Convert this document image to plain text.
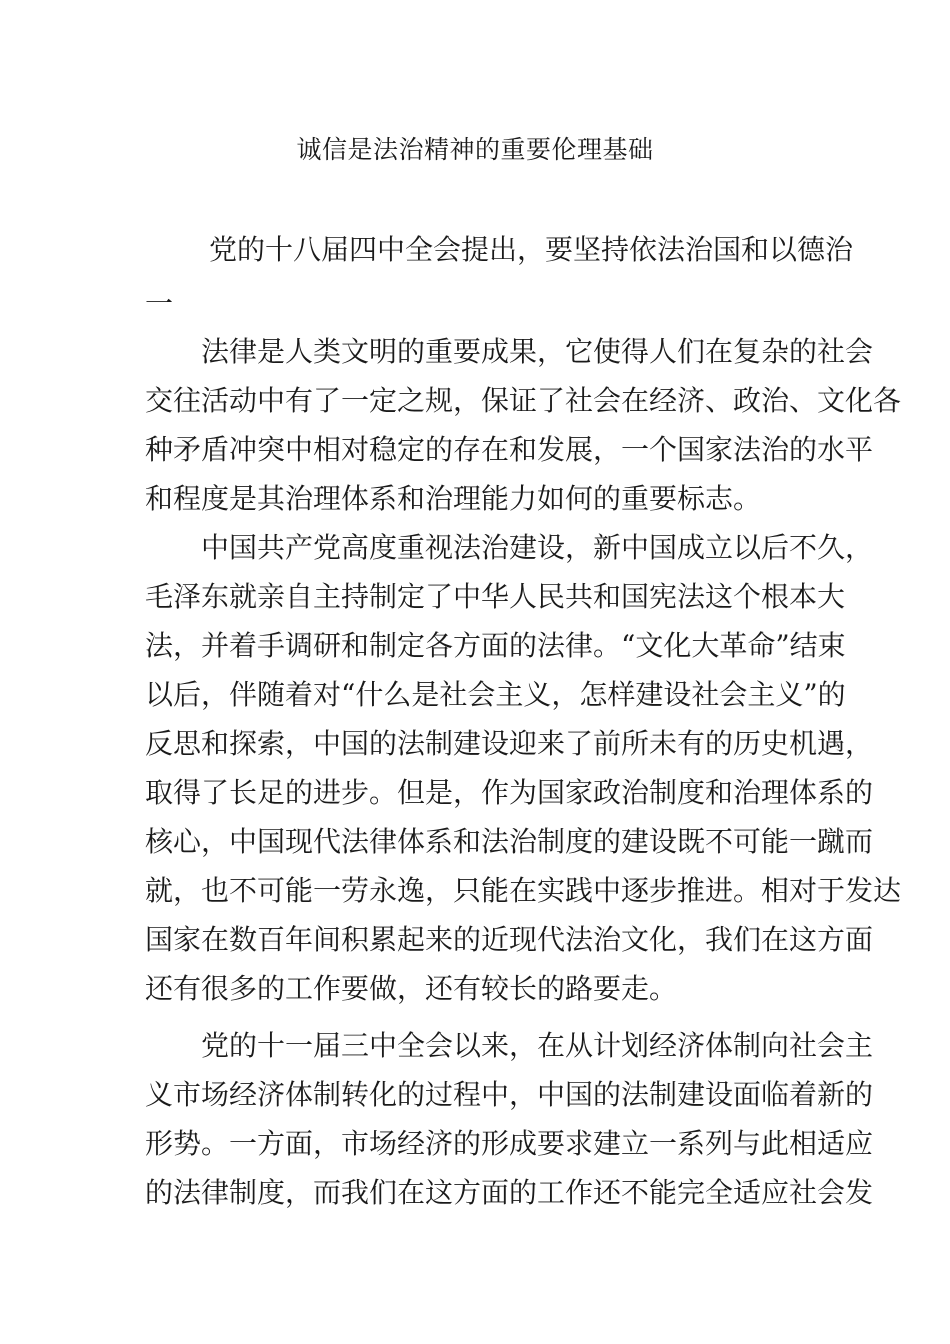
诚信是法治精神的重要伦理基础
党的十八届四中全会提出，要坚持依法治国和以德治
一
法律是人类文明的重要成果，它使得人们在复杂的社会
交往活动中有了一定之规，保证了社会在经济、政治、文化各
种矛盾冲突中相对稳定的存在和发展，一个国家法治的水平
和程度是其治理体系和治理能力如何的重要标志。
中国共产党高度重视法治建设，新中国成立以后不久，
毛泽东就亲自主持制定了中华人民共和国宪法这个根本大
法，并着手调研和制定各方面的法律。“文化大革命”结束
以后，伴随着对“什么是社会主义，怎样建设社会主义”的
反思和探索，中国的法制建设迎来了前所未有的历史机遇，
取得了长足的进步。但是，作为国家政治制度和治理体系的
核心，中国现代法律体系和法治制度的建设既不可能一蹴而
就，也不可能一劳永逸，只能在实践中逐步推进。相对于发达
国家在数百年间积累起来的近现代法治文化，我们在这方面
还有很多的工作要做，还有较长的路要走。
党的十一届三中全会以来，在从计划经济体制向社会主
义市场经济体制转化的过程中，中国的法制建设面临着新的
形势。一方面，市场经济的形成要求建立一系列与此相适应
的法律制度，而我们在这方面的工作还不能完全适应社会发
